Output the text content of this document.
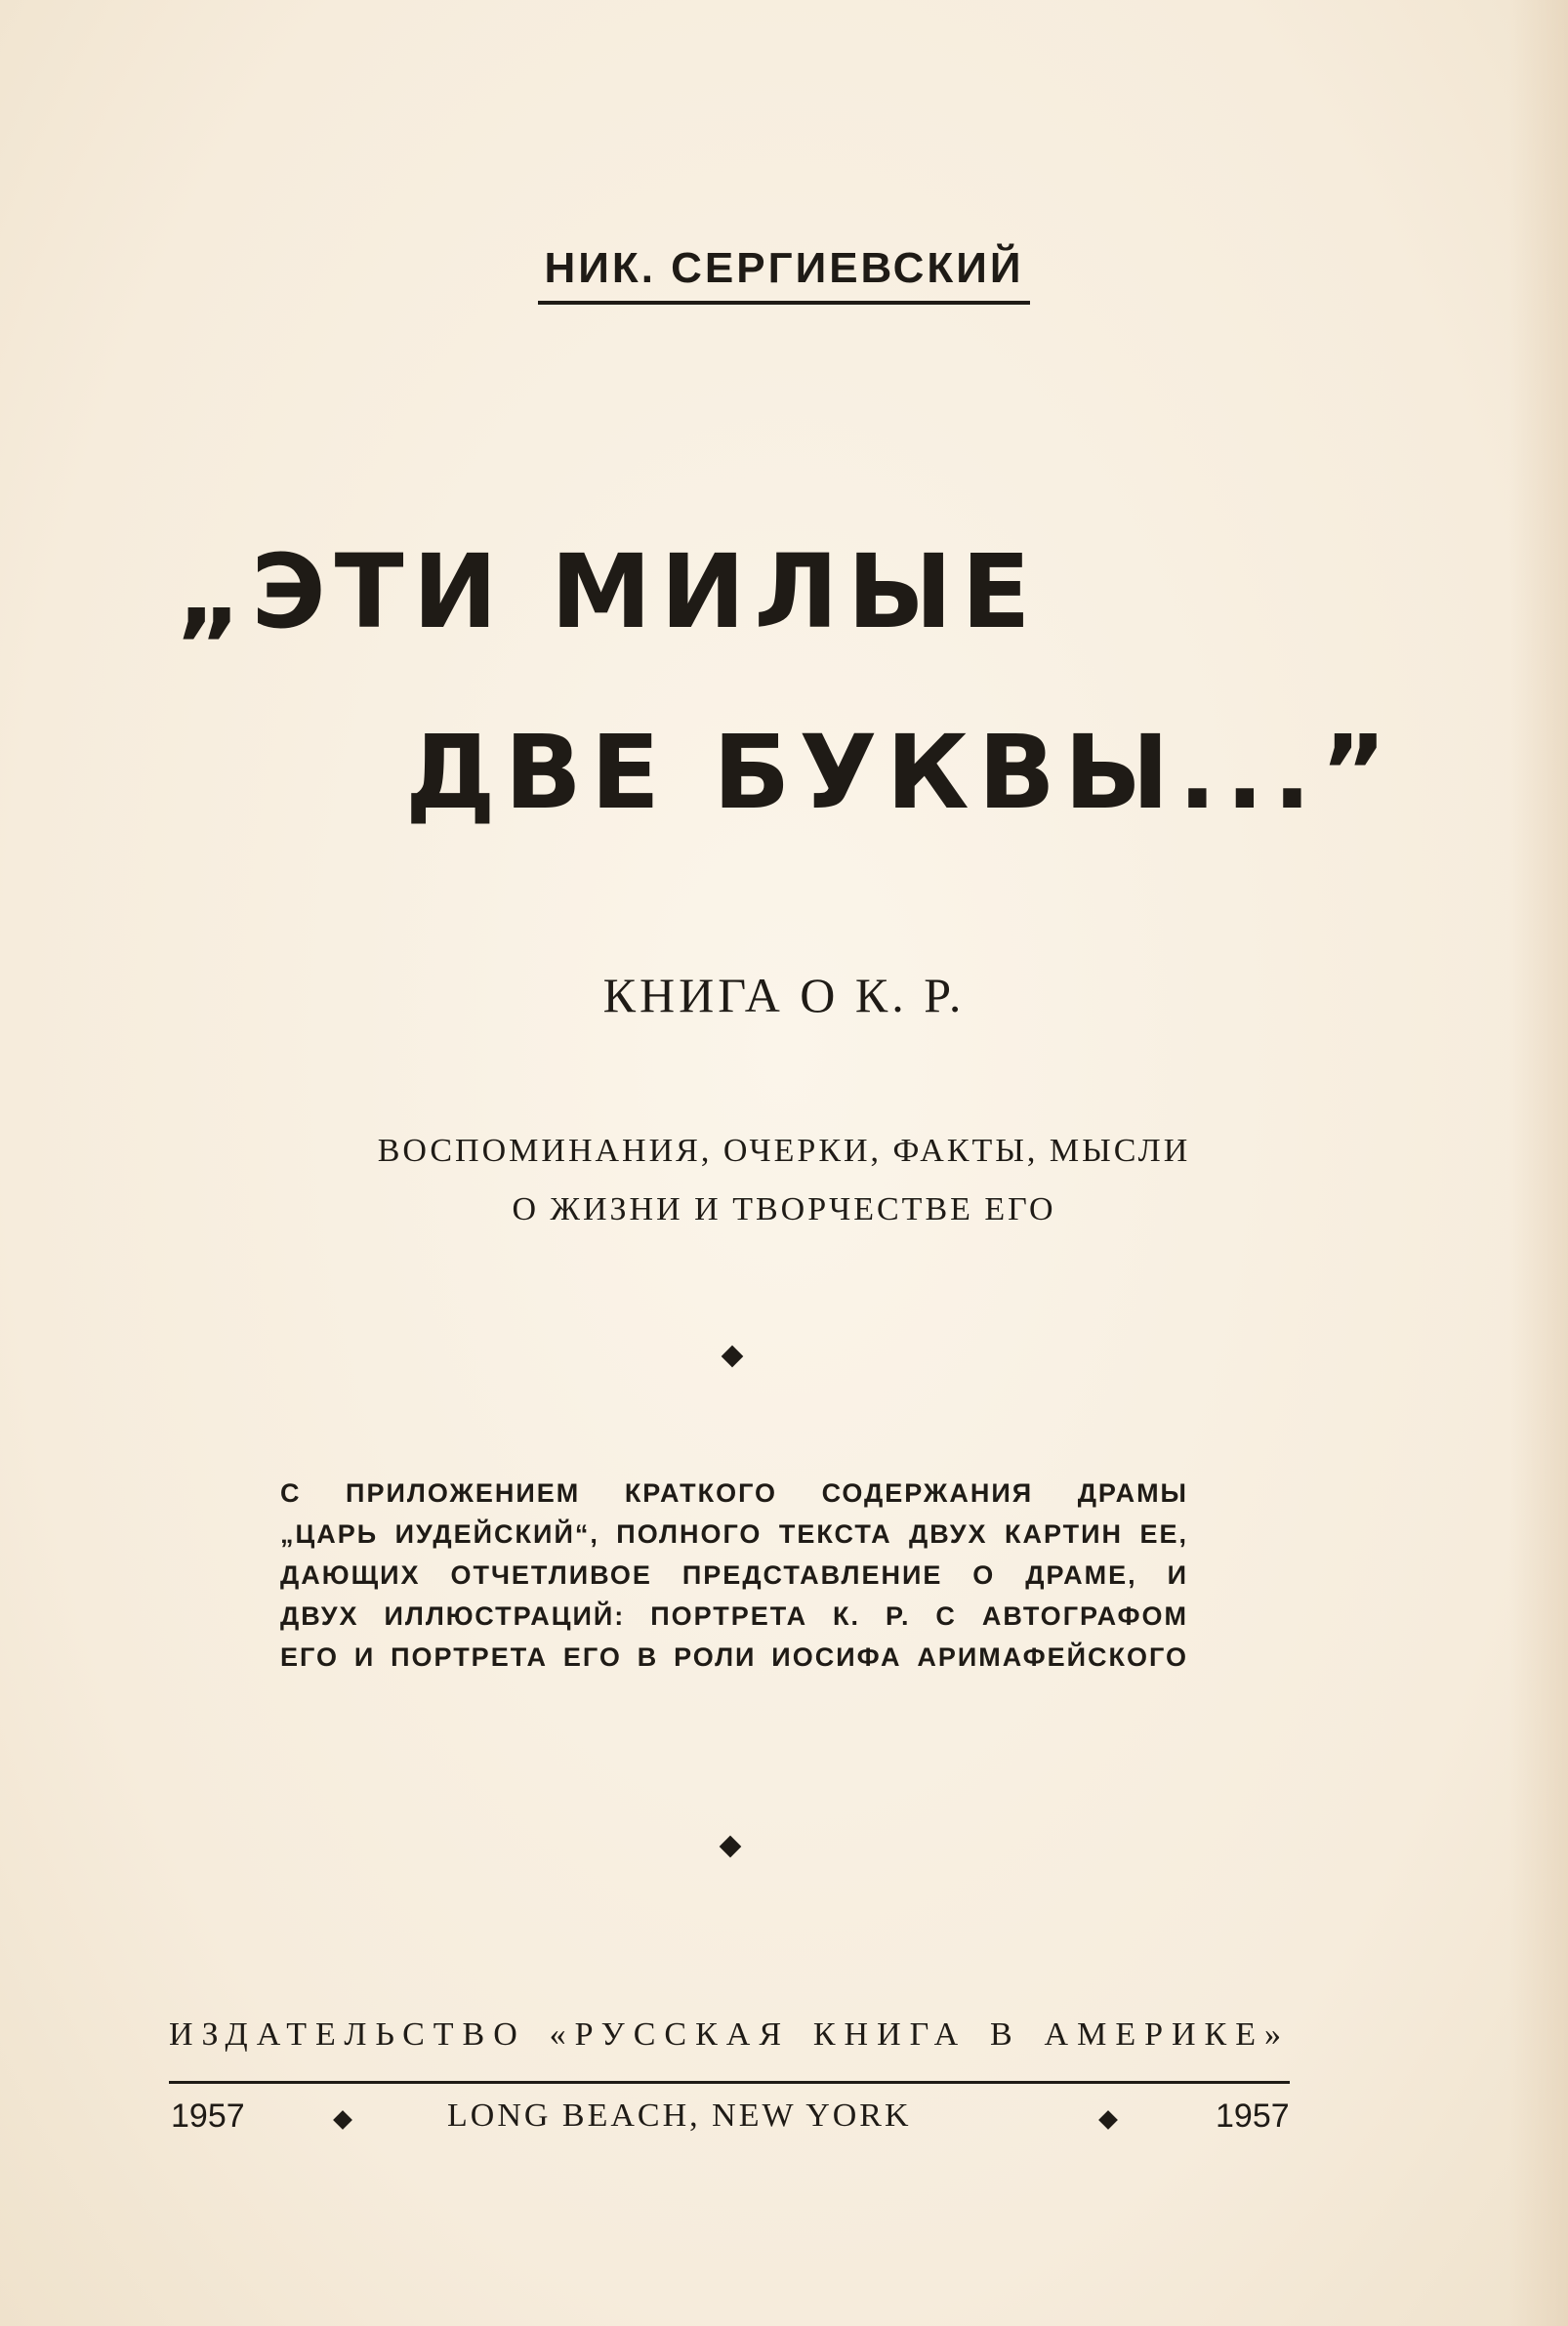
НИК. СЕРГИЕВСКИЙ
„ЭТИ МИЛЫЕ
ДВЕ БУКВЫ...”
КНИГА О К. Р.
ВОСПОМИНАНИЯ, ОЧЕРКИ, ФАКТЫ, МЫСЛИ
О ЖИЗНИ И ТВОРЧЕСТВЕ ЕГО
С ПРИЛОЖЕНИЕМ КРАТКОГО СОДЕРЖАНИЯ ДРАМЫ
„ЦАРЬ ИУДЕЙСКИЙ“, ПОЛНОГО ТЕКСТА ДВУХ КАРТИН ЕЕ,
ДАЮЩИХ ОТЧЕТЛИВОЕ ПРЕДСТАВЛЕНИЕ О ДРАМЕ, И
ДВУХ ИЛЛЮСТРАЦИЙ: ПОРТРЕТА К. Р. С АВТОГРАФОМ
ЕГО И ПОРТРЕТА ЕГО В РОЛИ ИОСИФА АРИМАФЕЙСКОГО
ИЗДАТЕЛЬСТВО «РУССКАЯ КНИГА В АМЕРИКЕ»
1957	LONG BEACH, NEW YORK	1957
